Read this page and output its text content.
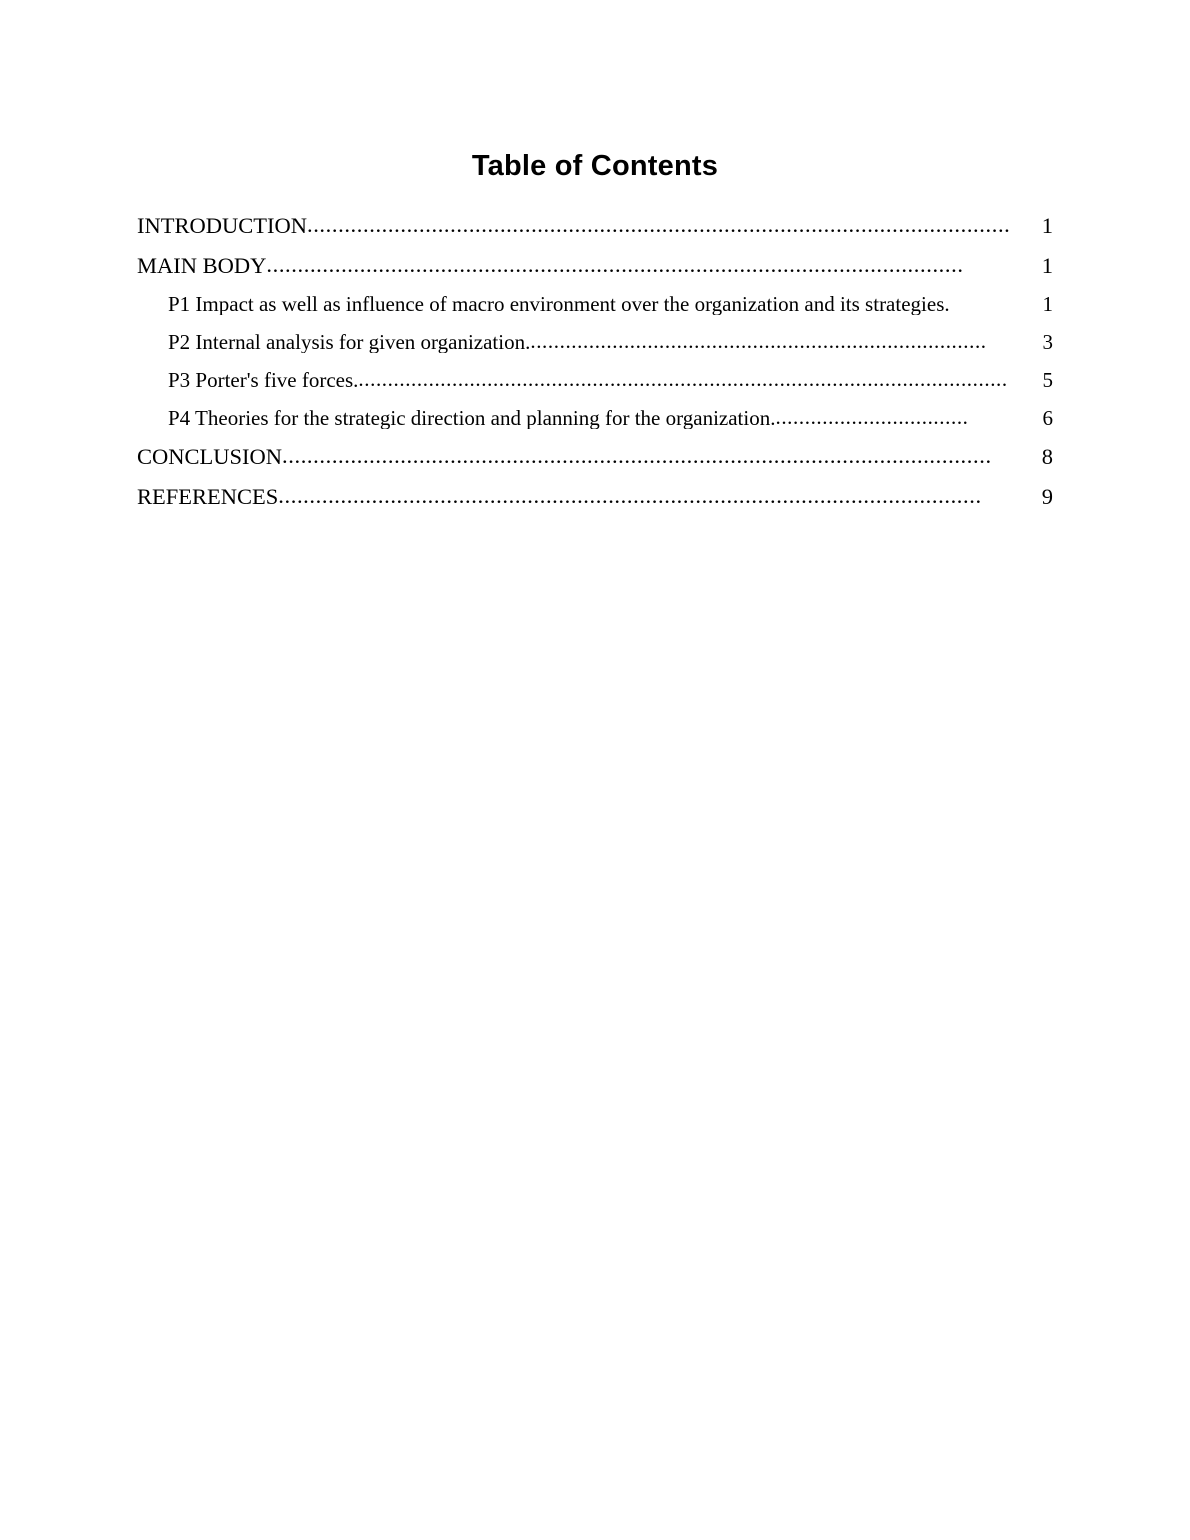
Table of Contents
INTRODUCTION .................................................................................................................	1
MAIN BODY ................................................................................................................	1
P1 Impact as well as influence of macro environment over the organization and its strategies.	1
P2 Internal analysis for given organization. ..............................................................................	3
P3 Porter's five forces. ...............................................................................................................	5
P4 Theories for the strategic direction and planning for the organization. .................................	6
CONCLUSION ..................................................................................................................	8
REFERENCES .................................................................................................................	9
